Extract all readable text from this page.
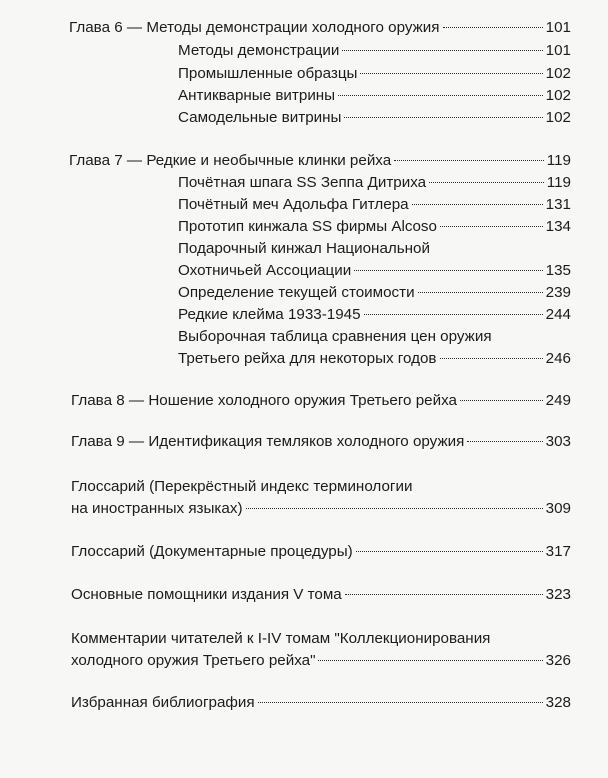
Глава 6 — Методы демонстрации холодного оружия	101
Методы демонстрации	101
Промышленные образцы	102
Антикварные витрины	102
Самодельные витрины	102
Глава 7 — Редкие и необычные клинки рейха	119
Почётная шпага SS Зеппа Дитриха	119
Почётный меч Адольфа Гитлера	131
Прототип кинжала SS фирмы Alcoso	134
Подарочный кинжал Национальной
Охотничьей Ассоциации	135
Определение текущей стоимости	239
Редкие клейма 1933-1945	244
Выборочная таблица сравнения цен оружия
Третьего рейха для некоторых годов	246
Глава 8 — Ношение холодного оружия Третьего рейха	249
Глава 9 — Идентификация темляков холодного оружия	303
Глоссарий (Перекрёстный индекс терминологии
на иностранных языках)	309
Глоссарий (Документарные процедуры)	317
Основные помощники издания V тома	323
Комментарии читателей к I-IV томам "Коллекционирования
холодного оружия Третьего рейха"	326
Избранная библиография	328
